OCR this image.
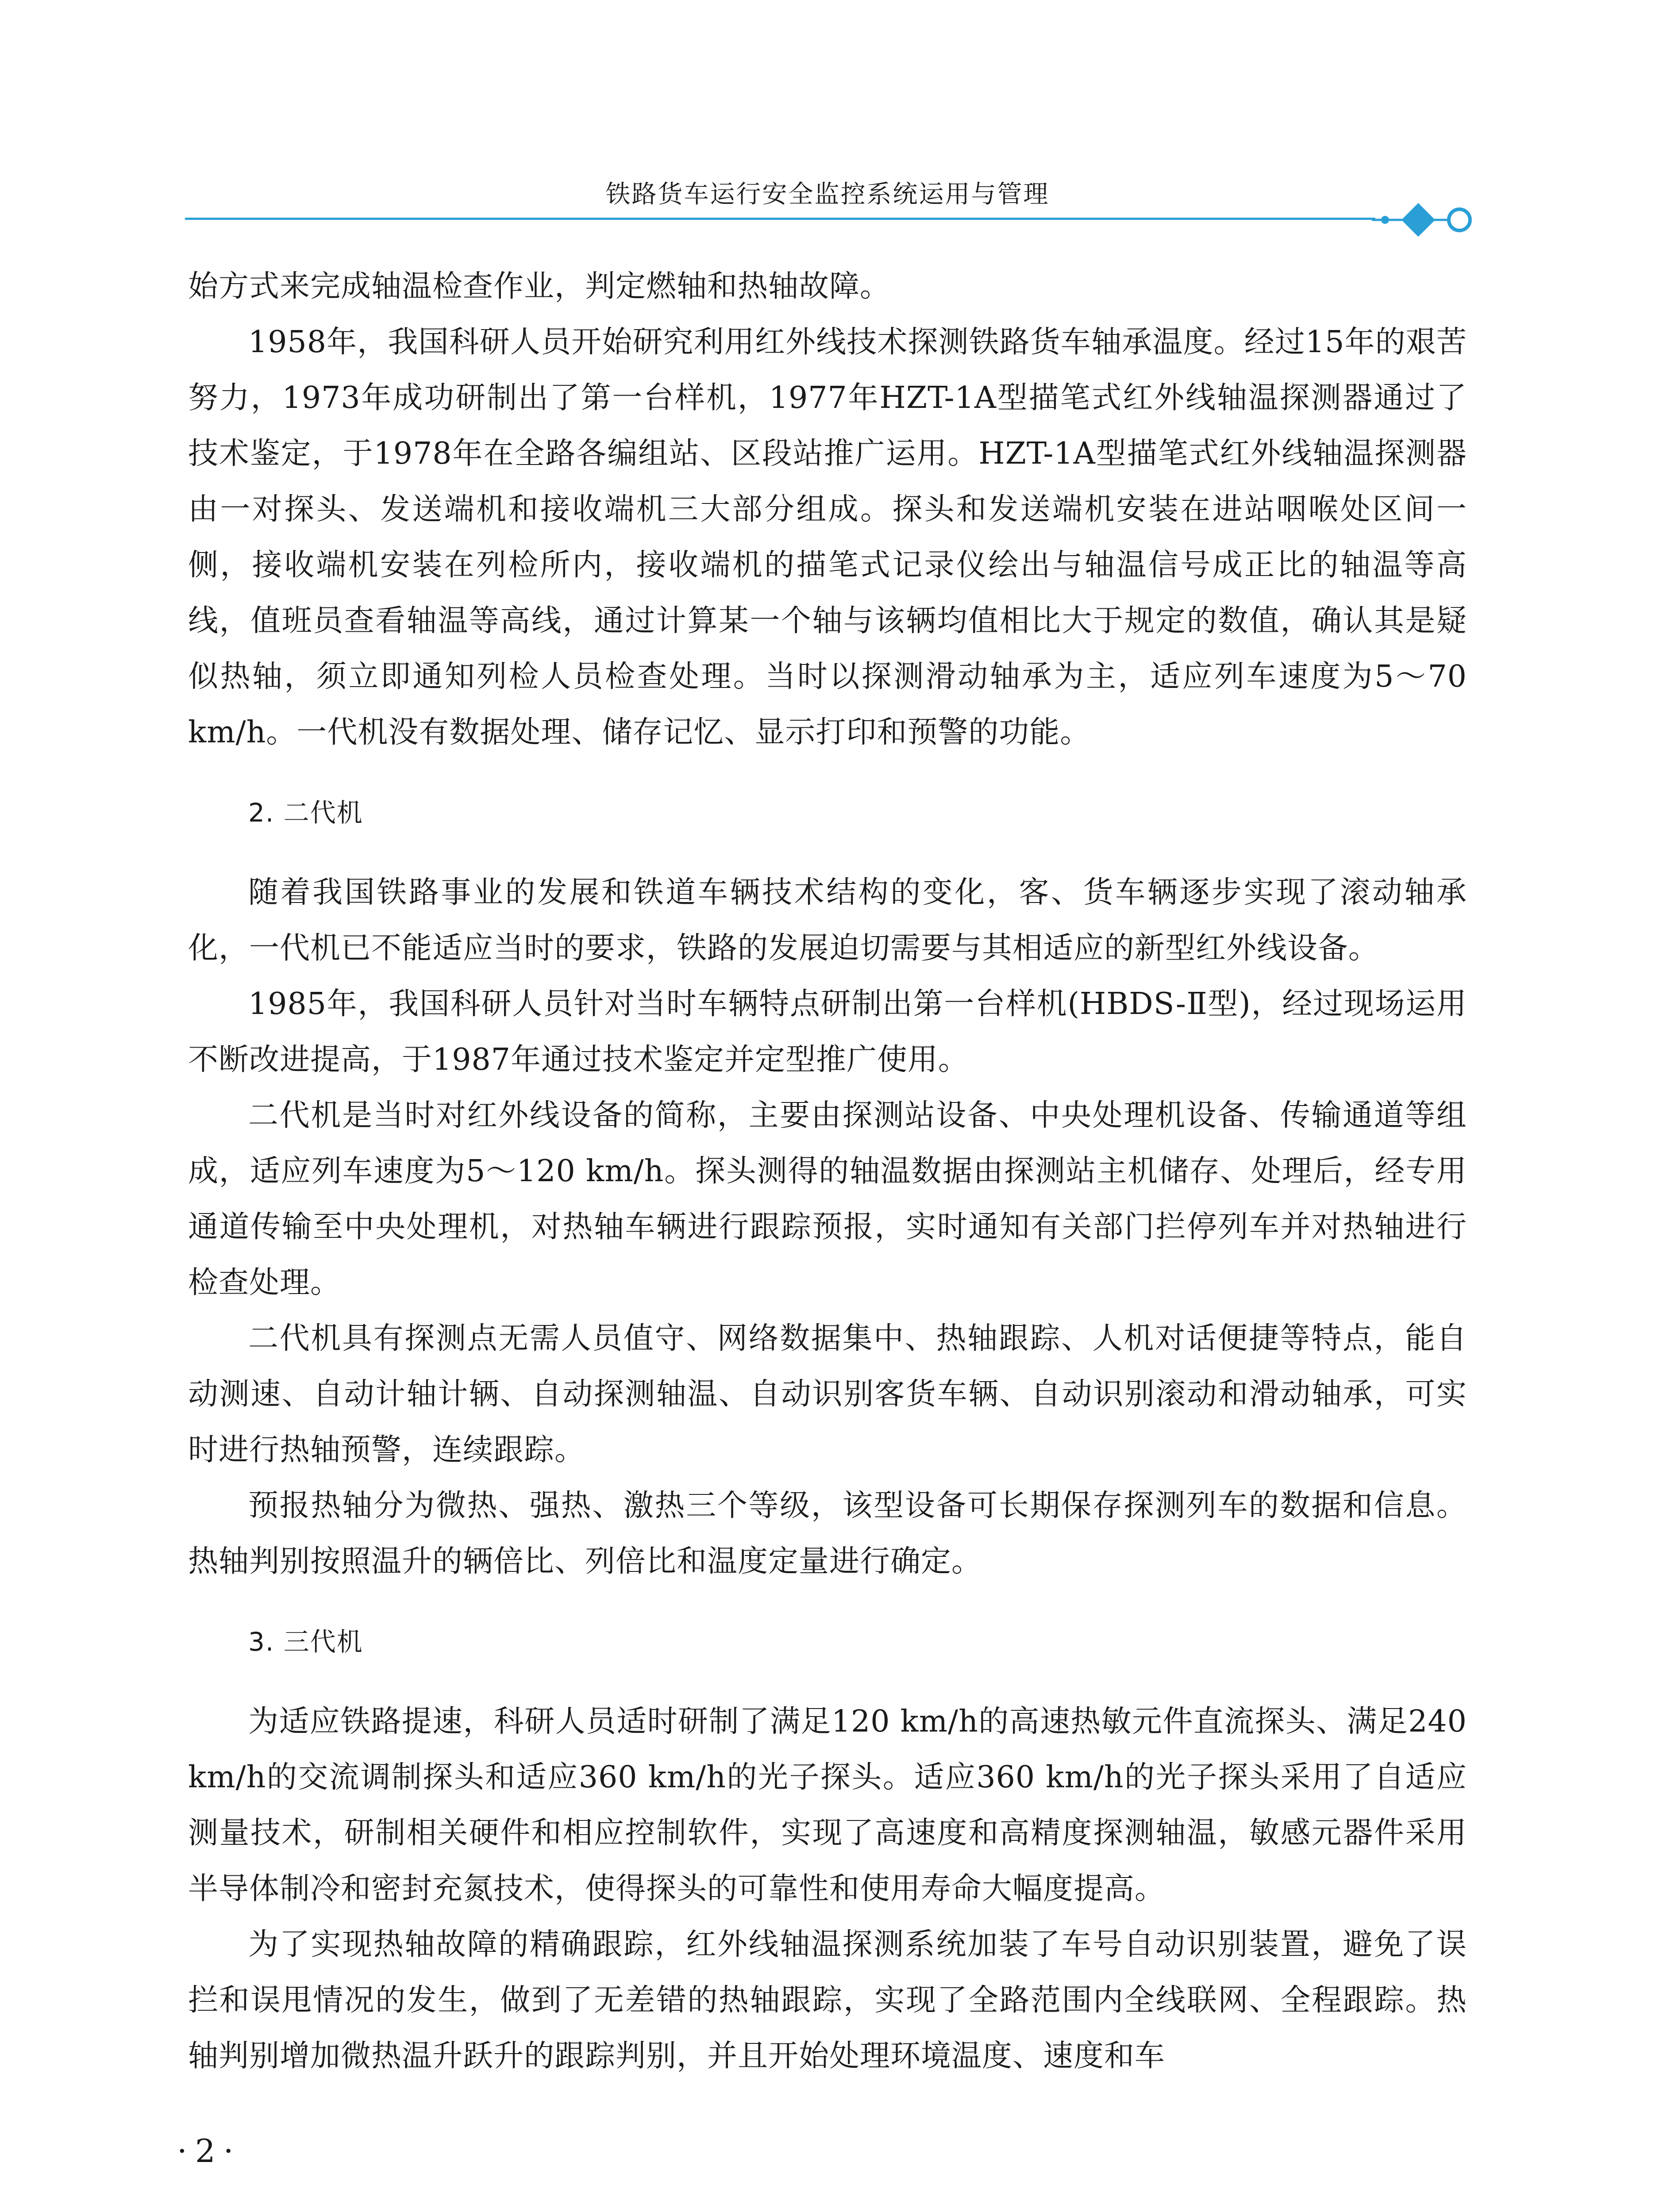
铁路货车运行安全监控系统运用与管理

始方式来完成轴温检查作业，判定燃轴和热轴故障。

1958年，我国科研人员开始研究利用红外线技术探测铁路货车轴承温度。经过15年的艰苦努力，1973年成功研制出了第一台样机，1977年HZT-1A型描笔式红外线轴温探测器通过了技术鉴定，于1978年在全路各编组站、区段站推广运用。HZT-1A型描笔式红外线轴温探测器由一对探头、发送端机和接收端机三大部分组成。探头和发送端机安装在进站咽喉处区间一侧，接收端机安装在列检所内，接收端机的描笔式记录仪绘出与轴温信号成正比的轴温等高线，值班员查看轴温等高线，通过计算某一个轴与该辆均值相比大于规定的数值，确认其是疑似热轴，须立即通知列检人员检查处理。当时以探测滑动轴承为主，适应列车速度为5～70 km/h。一代机没有数据处理、储存记忆、显示打印和预警的功能。

2. 二代机

随着我国铁路事业的发展和铁道车辆技术结构的变化，客、货车辆逐步实现了滚动轴承化，一代机已不能适应当时的要求，铁路的发展迫切需要与其相适应的新型红外线设备。

1985年，我国科研人员针对当时车辆特点研制出第一台样机(HBDS-Ⅱ型)，经过现场运用不断改进提高，于1987年通过技术鉴定并定型推广使用。

二代机是当时对红外线设备的简称，主要由探测站设备、中央处理机设备、传输通道等组成，适应列车速度为5～120 km/h。探头测得的轴温数据由探测站主机储存、处理后，经专用通道传输至中央处理机，对热轴车辆进行跟踪预报，实时通知有关部门拦停列车并对热轴进行检查处理。

二代机具有探测点无需人员值守、网络数据集中、热轴跟踪、人机对话便捷等特点，能自动测速、自动计轴计辆、自动探测轴温、自动识别客货车辆、自动识别滚动和滑动轴承，可实时进行热轴预警，连续跟踪。

预报热轴分为微热、强热、激热三个等级，该型设备可长期保存探测列车的数据和信息。热轴判别按照温升的辆倍比、列倍比和温度定量进行确定。

3. 三代机

为适应铁路提速，科研人员适时研制了满足120 km/h的高速热敏元件直流探头、满足240 km/h的交流调制探头和适应360 km/h的光子探头。适应360 km/h的光子探头采用了自适应测量技术，研制相关硬件和相应控制软件，实现了高速度和高精度探测轴温，敏感元器件采用半导体制冷和密封充氮技术，使得探头的可靠性和使用寿命大幅度提高。

为了实现热轴故障的精确跟踪，红外线轴温探测系统加装了车号自动识别装置，避免了误拦和误甩情况的发生，做到了无差错的热轴跟踪，实现了全路范围内全线联网、全程跟踪。热轴判别增加微热温升跃升的跟踪判别，并且开始处理环境温度、速度和车

·2·
